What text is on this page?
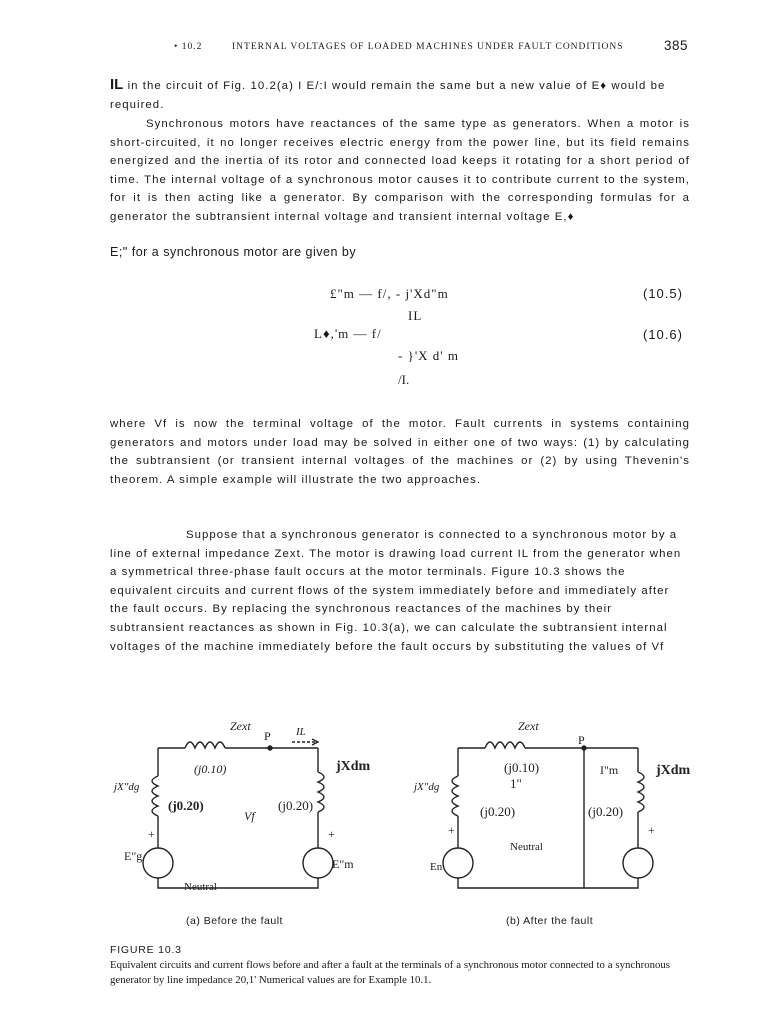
• 10.2	INTERNAL VOLTAGES OF LOADED MACHINES UNDER FAULT CONDITIONS	385
IL in the circuit of Fig. 10.2(a) I E/:I would remain the same but a new value of E♦ would be required.
Synchronous motors have reactances of the same type as generators. When a motor is short-circuited, it no longer receives electric energy from the power line, but its field remains energized and the inertia of its rotor and connected load keeps it rotating for a short period of time. The internal voltage of a synchronous motor causes it to contribute current to the system, for it is then acting like a generator. By comparison with the corresponding formulas for a generator the subtransient internal voltage and transient internal voltage E,♦
E;" for a synchronous motor are given by
£"m — f/, - j'Xd"m
IL
(10.5)
L♦,'m — f/
- }'X d' m
/I.
(10.6)
where Vf is now the terminal voltage of the motor. Fault currents in systems containing generators and motors under load may be solved in either one of two ways: (1) by calculating the subtransient (or transient internal voltages of the machines or (2) by using Thevenin's theorem. A simple example will illustrate the two approaches.
Suppose that a synchronous generator is connected to a synchronous motor by a line of external impedance Zext. The motor is drawing load current IL from the generator when a symmetrical three-phase fault occurs at the motor terminals. Figure 10.3 shows the equivalent circuits and current flows of the system immediately before and immediately after the fault occurs. By replacing the synchronous reactances of the machines by their subtransient reactances as shown in Fig. 10.3(a), we can calculate the subtransient internal voltages of the machine immediately before the fault occurs by substituting the values of Vf
Zext	IL
P
(j0.10)
jX"dg
(j0.20)
Vf
(j0.20)
jXdm
+
E"g
E"m
+
Neutral
Zext
P
(j0.10)
1"
I"m
jX"dg
(j0.20)	(j0.20)
jXdm
+	+
En
Neutral
(a) Before the fault	(b) After the fault
FIGURE 10.3
Equivalent circuits and current flows before and after a fault at the terminals of a synchronous motor connected to a synchronous generator by line impedance 20,1' Numerical values are for Example 10.1.
